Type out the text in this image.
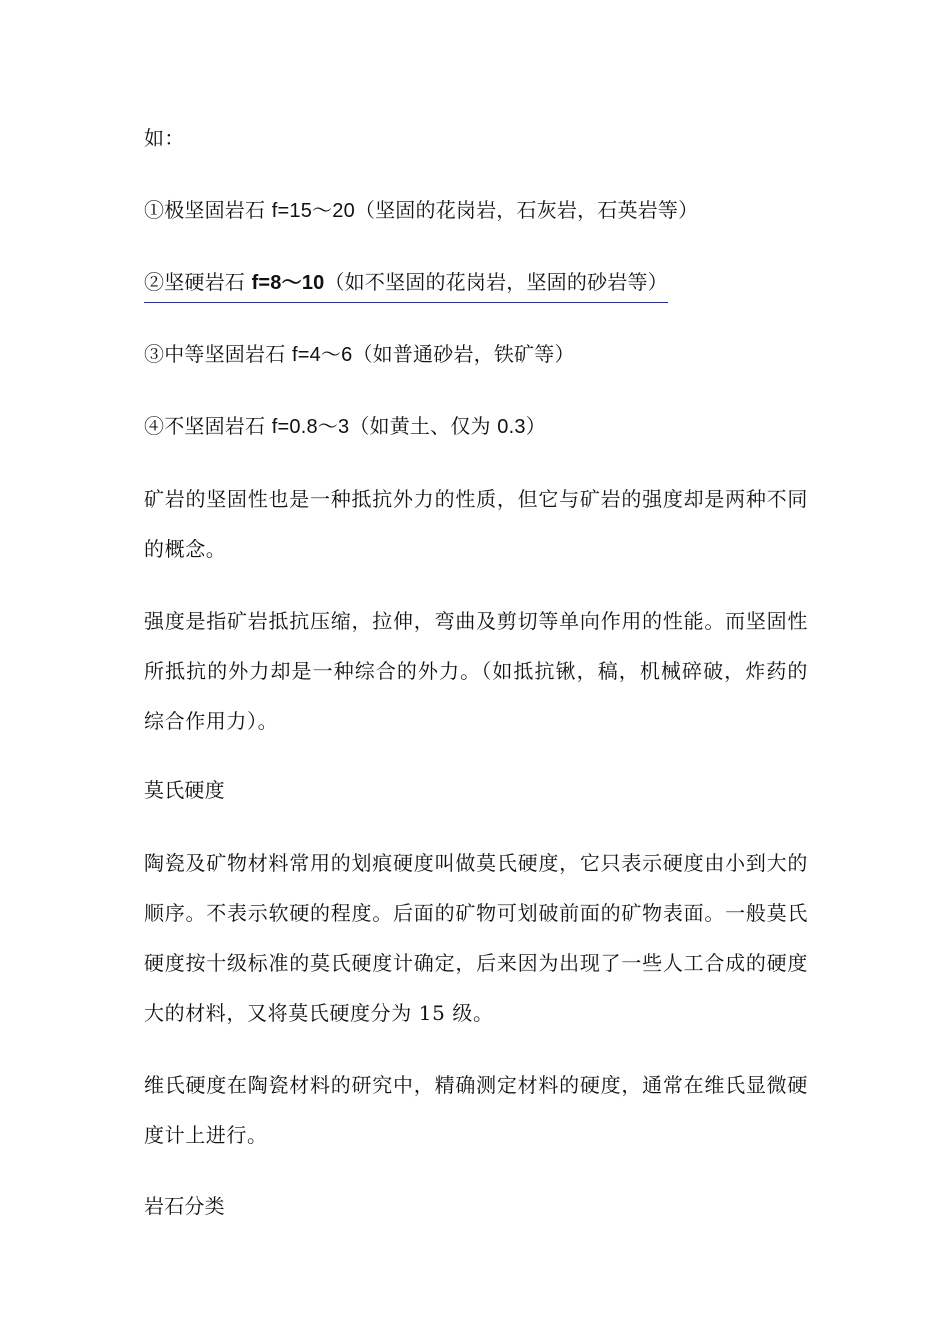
如：
①极坚固岩石 f=15～20（坚固的花岗岩，石灰岩，石英岩等）
②坚硬岩石 f=8～10（如不坚固的花岗岩，坚固的砂岩等）
③中等坚固岩石 f=4～6（如普通砂岩，铁矿等）
④不坚固岩石 f=0.8～3（如黄土、仅为 0.3）
矿岩的坚固性也是一种抵抗外力的性质，但它与矿岩的强度却是两种不同的概念。
强度是指矿岩抵抗压缩，拉伸，弯曲及剪切等单向作用的性能。而坚固性所抵抗的外力却是一种综合的外力。（如抵抗锹，稿，机械碎破，炸药的综合作用力）。
莫氏硬度
陶瓷及矿物材料常用的划痕硬度叫做莫氏硬度，它只表示硬度由小到大的顺序。不表示软硬的程度。后面的矿物可划破前面的矿物表面。一般莫氏硬度按十级标准的莫氏硬度计确定，后来因为出现了一些人工合成的硬度大的材料，又将莫氏硬度分为 15 级。
维氏硬度在陶瓷材料的研究中，精确测定材料的硬度，通常在维氏显微硬度计上进行。
岩石分类
